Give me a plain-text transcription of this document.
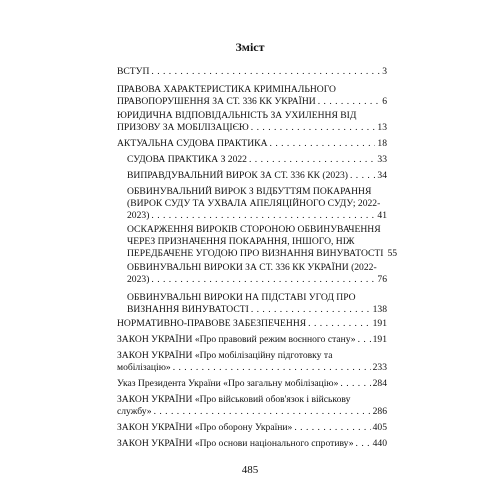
Зміст
ВСТУП . . .	3
ПРАВОВА ХАРАКТЕРИСТИКА КРИМІНАЛЬНОГО
ПРАВОПОРУШЕННЯ ЗА СТ. 336 КК УКРАЇНИ . . .	6
ЮРИДИЧНА ВІДПОВІДАЛЬНІСТЬ ЗА УХИЛЕННЯ ВІД
ПРИЗОВУ ЗА МОБІЛІЗАЦІЄЮ . . .	13
АКТУАЛЬНА СУДОВА ПРАКТИКА . . .	18
СУДОВА ПРАКТИКА З 2022 . . .	33
ВИПРАВДУВАЛЬНИЙ ВИРОК ЗА СТ. 336 КК (2023) . . .	34
ОБВИНУВАЛЬНИЙ ВИРОК З ВІДБУТТЯМ ПОКАРАННЯ
(ВИРОК СУДУ ТА УХВАЛА АПЕЛЯЦІЙНОГО СУДУ; 2022-
2023) . . .	41
ОСКАРЖЕННЯ ВИРОКІВ СТОРОНОЮ ОБВИНУВАЧЕННЯ
ЧЕРЕЗ ПРИЗНАЧЕННЯ ПОКАРАННЯ, ІНШОГО, НІЖ
ПЕРЕДБАЧЕНЕ УГОДОЮ ПРО ВИЗНАННЯ ВИНУВАТОСТІ 55
ОБВИНУВАЛЬНІ ВИРОКИ ЗА СТ. 336 КК УКРАЇНИ (2022-
2023) . . .	76
ОБВИНУВАЛЬНІ ВИРОКИ НА ПІДСТАВІ УГОД ПРО
ВИЗНАННЯ ВИНУВАТОСТІ . . .	138
НОРМАТИВНО-ПРАВОВЕ ЗАБЕЗПЕЧЕННЯ . . .	191
ЗАКОН УКРАЇНИ «Про правовий режим воєнного стану» . . . 191
ЗАКОН УКРАЇНИ «Про мобілізаційну підготовку та
мобілізацію» . . .	233
Указ Президента України «Про загальну мобілізацію» . . .	284
ЗАКОН УКРАЇНИ «Про військовий обов'язок і військову
службу» . . .	286
ЗАКОН УКРАЇНИ «Про оборону України» . . .	405
ЗАКОН УКРАЇНИ «Про основи національного спротиву» . . . 440
485
